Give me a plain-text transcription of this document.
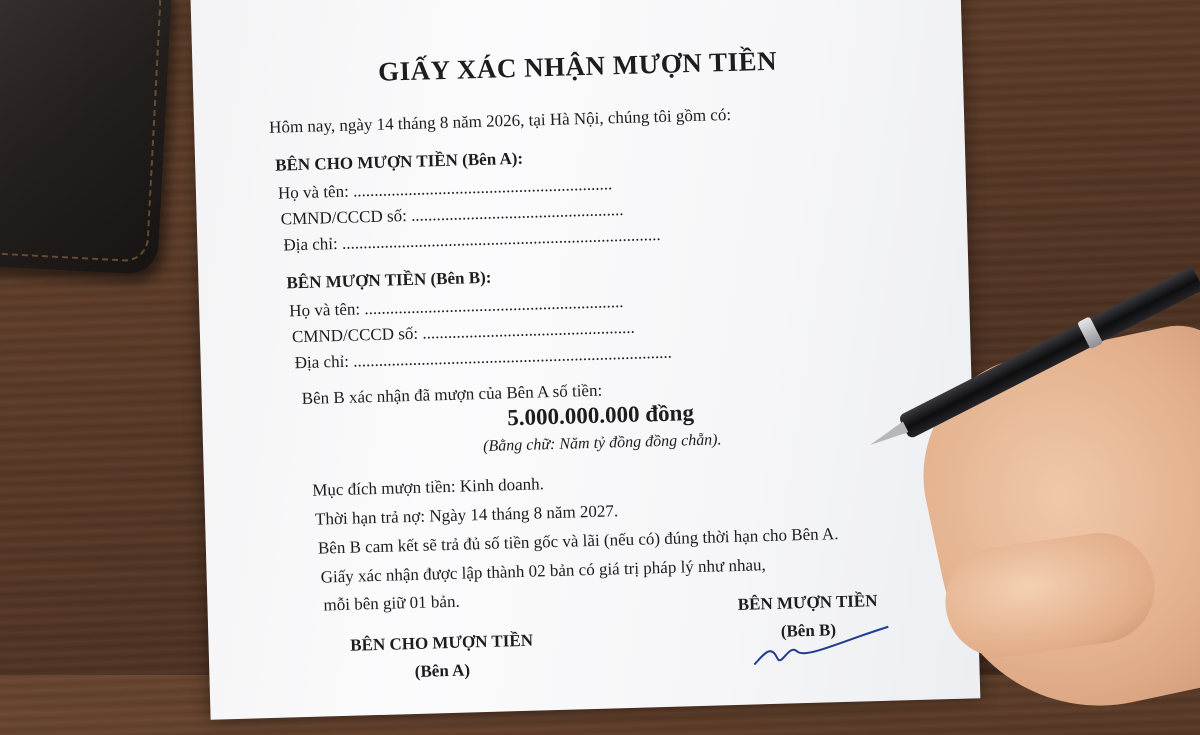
GIẤY XÁC NHẬN MƯỢN TIỀN
Hôm nay, ngày 14 tháng 8 năm 2026, tại Hà Nội, chúng tôi gồm có:
BÊN CHO MƯỢN TIỀN (Bên A):
Họ và tên: .............................................................
CMND/CCCD số: ..................................................
Địa chỉ: ...........................................................................
BÊN MƯỢN TIỀN (Bên B):
Họ và tên: .............................................................
CMND/CCCD số: ..................................................
Địa chỉ: ...........................................................................
Bên B xác nhận đã mượn của Bên A số tiền:
5.000.000.000 đồng
(Bằng chữ: Năm tỷ đồng đồng chẵn).
Mục đích mượn tiền: Kinh doanh.
Thời hạn trả nợ: Ngày 14 tháng 8 năm 2027.
Bên B cam kết sẽ trả đủ số tiền gốc và lãi (nếu có) đúng thời hạn cho Bên A.
Giấy xác nhận được lập thành 02 bản có giá trị pháp lý như nhau,
mỗi bên giữ 01 bản.	BÊN MƯỢN TIỀN
(Bên B)
BÊN CHO MƯỢN TIỀN
(Bên A)
